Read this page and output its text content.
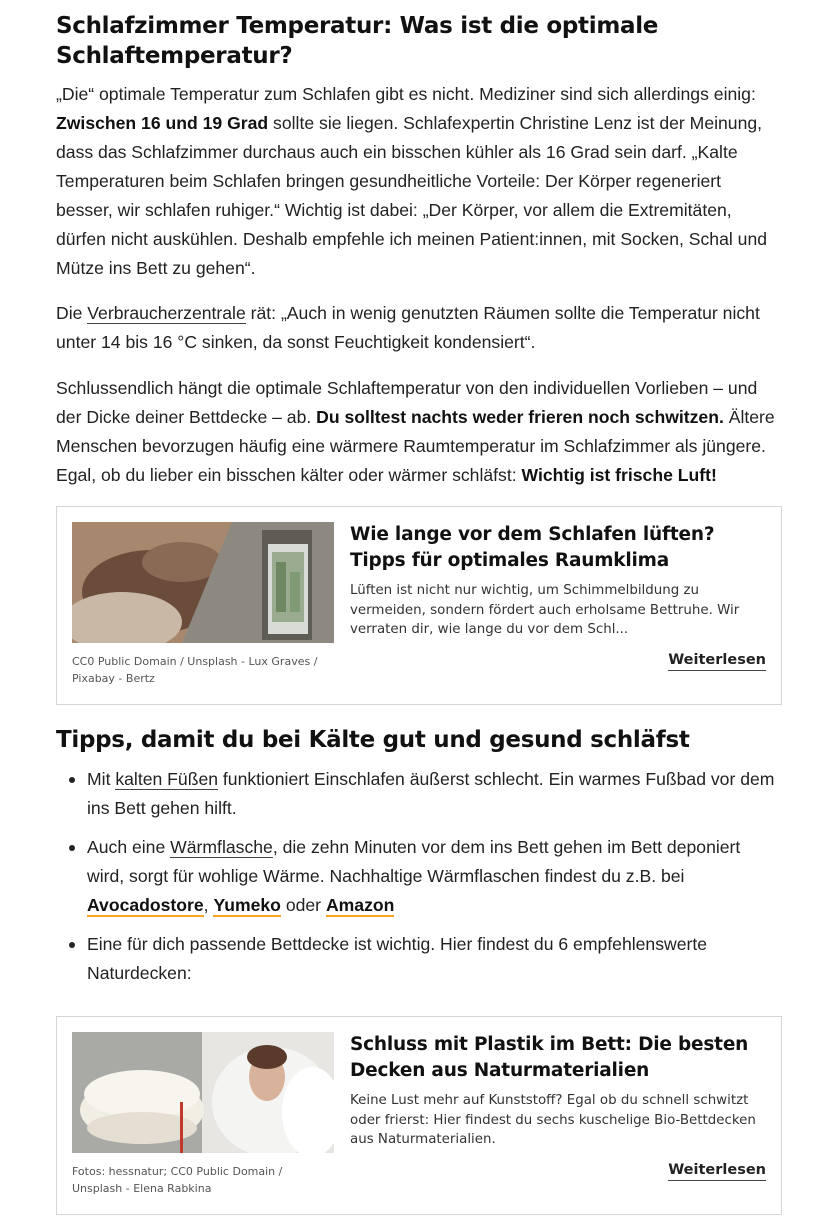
Schlafzimmer Temperatur: Was ist die optimale Schlaftemperatur?

„Die“ optimale Temperatur zum Schlafen gibt es nicht. Mediziner sind sich allerdings einig: Zwischen 16 und 19 Grad sollte sie liegen. Schlafexpertin Christine Lenz ist der Meinung, dass das Schlafzimmer durchaus auch ein bisschen kühler als 16 Grad sein darf. „Kalte Temperaturen beim Schlafen bringen gesundheitliche Vorteile: Der Körper regeneriert besser, wir schlafen ruhiger.“ Wichtig ist dabei: „Der Körper, vor allem die Extremitäten, dürfen nicht auskühlen. Deshalb empfehle ich meinen Patient:innen, mit Socken, Schal und Mütze ins Bett zu gehen“.

Die Verbraucherzentrale rät: „Auch in wenig genutzten Räumen sollte die Temperatur nicht unter 14 bis 16 °C sinken, da sonst Feuchtigkeit kondensiert“.

Schlussendlich hängt die optimale Schlaftemperatur von den individuellen Vorlieben – und der Dicke deiner Bettdecke – ab. Du solltest nachts weder frieren noch schwitzen. Ältere Menschen bevorzugen häufig eine wärmere Raumtemperatur im Schlafzimmer als jüngere. Egal, ob du lieber ein bisschen kälter oder wärmer schläfst: Wichtig ist frische Luft!

Tipps, damit du bei Kälte gut und gesund schläfst
Mit kalten Füßen funktioniert Einschlafen äußerst schlecht. Ein warmes Fußbad vor dem ins Bett gehen hilft.
Auch eine Wärmflasche, die zehn Minuten vor dem ins Bett gehen im Bett deponiert wird, sorgt für wohlige Wärme. Nachhaltige Wärmflaschen findest du z.B. bei Avocadostore, Yumeko oder Amazon
Eine für dich passende Bettdecke ist wichtig. Hier findest du 6 empfehlenswerte Naturdecken:
CC0 Public Domain / Unsplash - Lux Graves / Pixabay - Bertz
Wie lange vor dem Schlafen lüften? Tipps für optimales Raumklima
Lüften ist nicht nur wichtig, um Schimmelbildung zu vermeiden, sondern fördert auch erholsame Bettruhe. Wir verraten dir, wie lange du vor dem Schl...
Weiterlesen
Fotos: hessnatur; CC0 Public Domain / Unsplash - Elena Rabkina
Schluss mit Plastik im Bett: Die besten Decken aus Naturmaterialien
Keine Lust mehr auf Kunststoff? Egal ob du schnell schwitzt oder frierst: Hier findest du sechs kuschelige Bio-Bettdecken aus Naturmaterialien.
Weiterlesen
